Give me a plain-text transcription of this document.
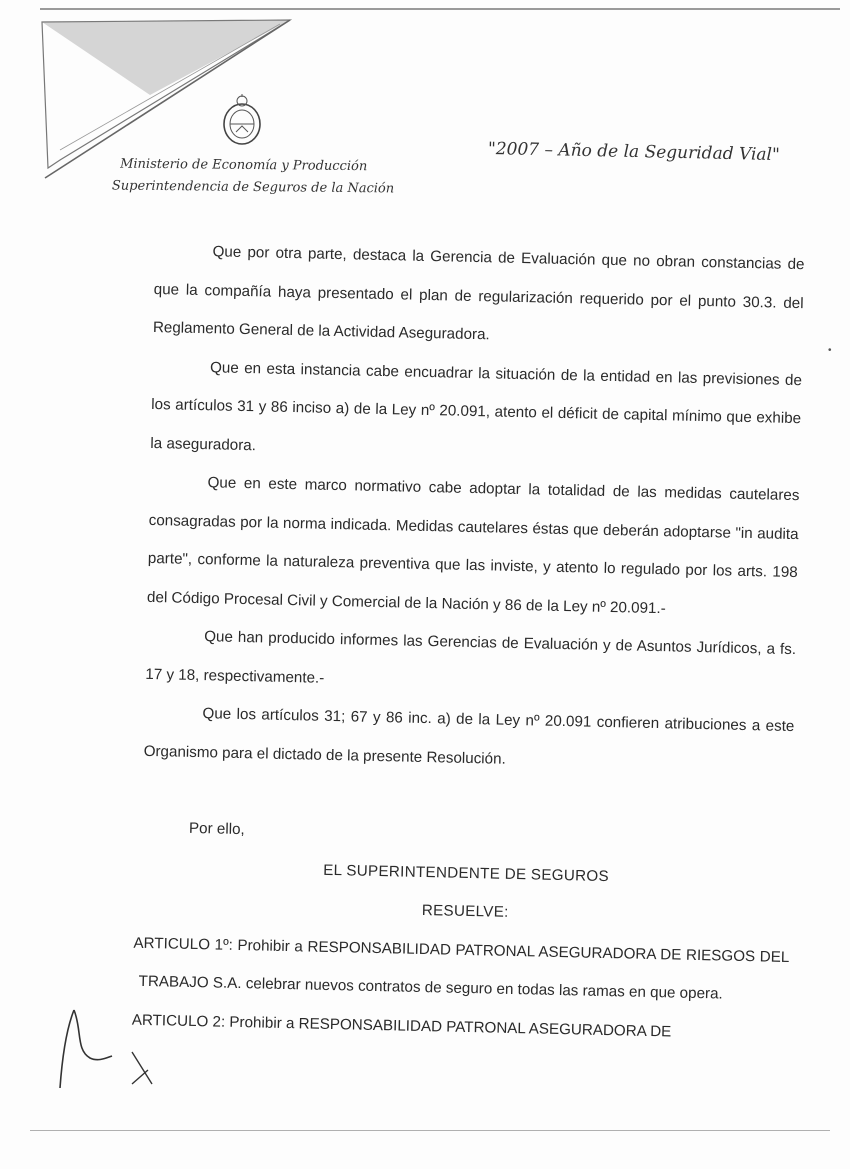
Ministerio de Economía y Producción
Superintendencia de Seguros de la Nación
"2007 – Año de la Seguridad Vial"
•

Que por otra parte, destaca la Gerencia de Evaluación que no obran constancias de que la compañía haya presentado el plan de regularización requerido por el punto 30.3. del Reglamento General de la Actividad Aseguradora.

Que en esta instancia cabe encuadrar la situación de la entidad en las previsiones de los artículos 31 y 86 inciso a) de la Ley nº 20.091, atento el déficit de capital mínimo que exhibe la aseguradora.

Que en este marco normativo cabe adoptar la totalidad de las medidas cautelares consagradas por la norma indicada. Medidas cautelares éstas que deberán adoptarse "in audita parte", conforme la naturaleza preventiva que las inviste, y atento lo regulado por los arts. 198 del Código Procesal Civil y Comercial de la Nación y 86 de la Ley nº 20.091.-

Que han producido informes las Gerencias de Evaluación y de Asuntos Jurídicos, a fs. 17 y 18, respectivamente.-

Que los artículos 31; 67 y 86 inc. a) de la Ley nº 20.091 confieren atribuciones a este Organismo para el dictado de la presente Resolución.

Por ello,

EL SUPERINTENDENTE DE SEGUROS

RESUELVE:

ARTICULO 1º: Prohibir a RESPONSABILIDAD PATRONAL ASEGURADORA DE RIESGOS DEL TRABAJO S.A. celebrar nuevos contratos de seguro en todas las ramas en que opera.

ARTICULO 2: Prohibir a RESPONSABILIDAD PATRONAL ASEGURADORA DE
